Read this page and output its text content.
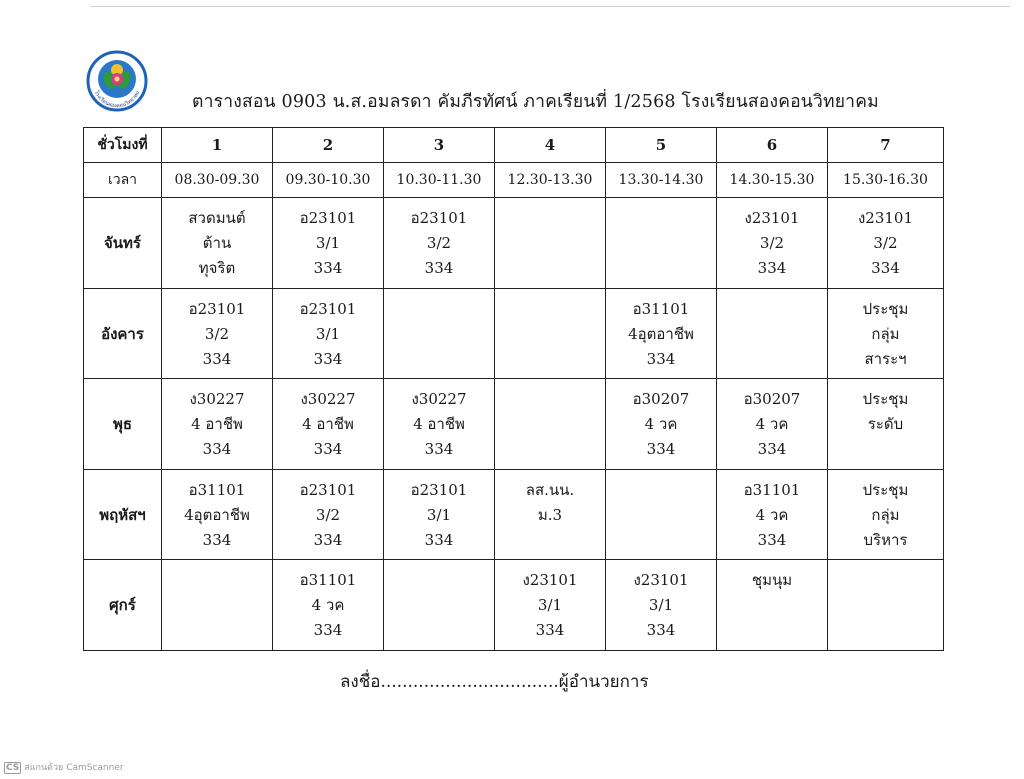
โรงเรียนสองคอนวิทยาคม	ตารางสอน 0903 น.ส.อมลรดา คัมภีรทัศน์ ภาคเรียนที่ 1/2568 โรงเรียนสองคอนวิทยาคม
ชั่วโมงที่	1	2	3	4	5	6	7
เวลา	08.30-09.30	09.30-10.30	10.30-11.30	12.30-13.30	13.30-14.30	14.30-15.30	15.30-16.30
จันทร์	สวดมนต์
ต้าน
ทุจริต	อ23101
3/1
334	อ23101
3/2
334			ง23101
3/2
334	ง23101
3/2
334

อังคาร	อ23101
3/2
334	อ23101
3/1
334			อ31101
4อุตอาชีพ
334		ประชุม
กลุ่ม
สาระฯ

พุธ	ง30227
4 อาชีพ
334	ง30227
4 อาชีพ
334	ง30227
4 อาชีพ
334		อ30207
4 วค
334	อ30207
4 วค
334	ประชุม
ระดับ

พฤหัสฯ	อ31101
4อุตอาชีพ
334	อ23101
3/2
334	อ23101
3/1
334	ลส.นน.
ม.3		อ31101
4 วค
334	ประชุม
กลุ่ม
บริหาร

ศุกร์		อ31101
4 วค
334		ง23101
3/1
334	ง23101
3/1
334	ชุมนุม	

ลงชื่อ.................................ผู้อำนวยการ
CS สแกนด้วย CamScanner
